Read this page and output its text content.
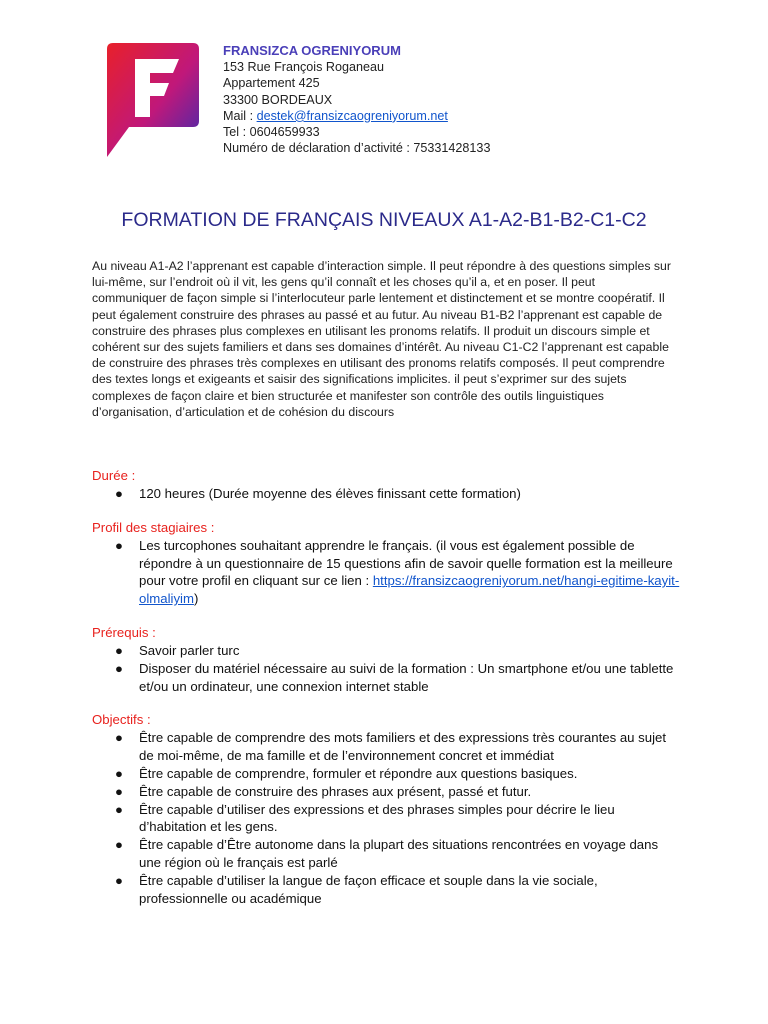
FRANSIZCA OGRENIYORUM
153 Rue François Roganeau
Appartement 425
33300 BORDEAUX
Mail : destek@fransizcaogreniyorum.net
Tel : 0604659933
Numéro de déclaration d’activité : 75331428133
FORMATION DE FRANÇAIS NIVEAUX A1-A2-B1-B2-C1-C2
Au niveau A1-A2 l’apprenant est capable d’interaction simple. Il peut répondre à des questions simples sur lui-même, sur l’endroit où il vit, les gens qu’il connaît et les choses qu’il a, et en poser. Il peut communiquer de façon simple si l’interlocuteur parle lentement et distinctement et se montre coopératif. Il peut également construire des phrases au passé et au futur. Au niveau B1-B2 l’apprenant est capable de construire des phrases plus complexes en utilisant les pronoms relatifs. Il produit un discours simple et cohérent sur des sujets familiers et dans ses domaines d’intérêt. Au niveau C1-C2 l’apprenant est capable de construire des phrases très complexes en utilisant des pronoms relatifs composés. Il peut comprendre des textes longs et exigeants et saisir des significations implicites. il peut s’exprimer sur des sujets complexes de façon claire et bien structurée et manifester son contrôle des outils linguistiques d’organisation, d’articulation et de cohésion du discours
Durée :
● 120 heures (Durée moyenne des élèves finissant cette formation)
Profil des stagiaires :
● Les turcophones souhaitant apprendre le français. (il vous est également possible de répondre à un questionnaire de 15 questions afin de savoir quelle formation est la meilleure pour votre profil en cliquant sur ce lien : https://fransizcaogreniyorum.net/hangi-egitime-kayit-olmaliyim)
Prérequis :
● Savoir parler turc
● Disposer du matériel nécessaire au suivi de la formation : Un smartphone et/ou une tablette et/ou un ordinateur, une connexion internet stable
Objectifs :
● Être capable de comprendre des mots familiers et des expressions très courantes au sujet de moi-même, de ma famille et de l’environnement concret et immédiat
● Être capable de comprendre, formuler et répondre aux questions basiques.
● Être capable de construire des phrases aux présent, passé et futur.
● Être capable d’utiliser des expressions et des phrases simples pour décrire le lieu d’habitation et les gens.
● Être capable d’Être autonome dans la plupart des situations rencontrées en voyage dans une région où le français est parlé
● Être capable d’utiliser la langue de façon efficace et souple dans la vie sociale, professionnelle ou académique
